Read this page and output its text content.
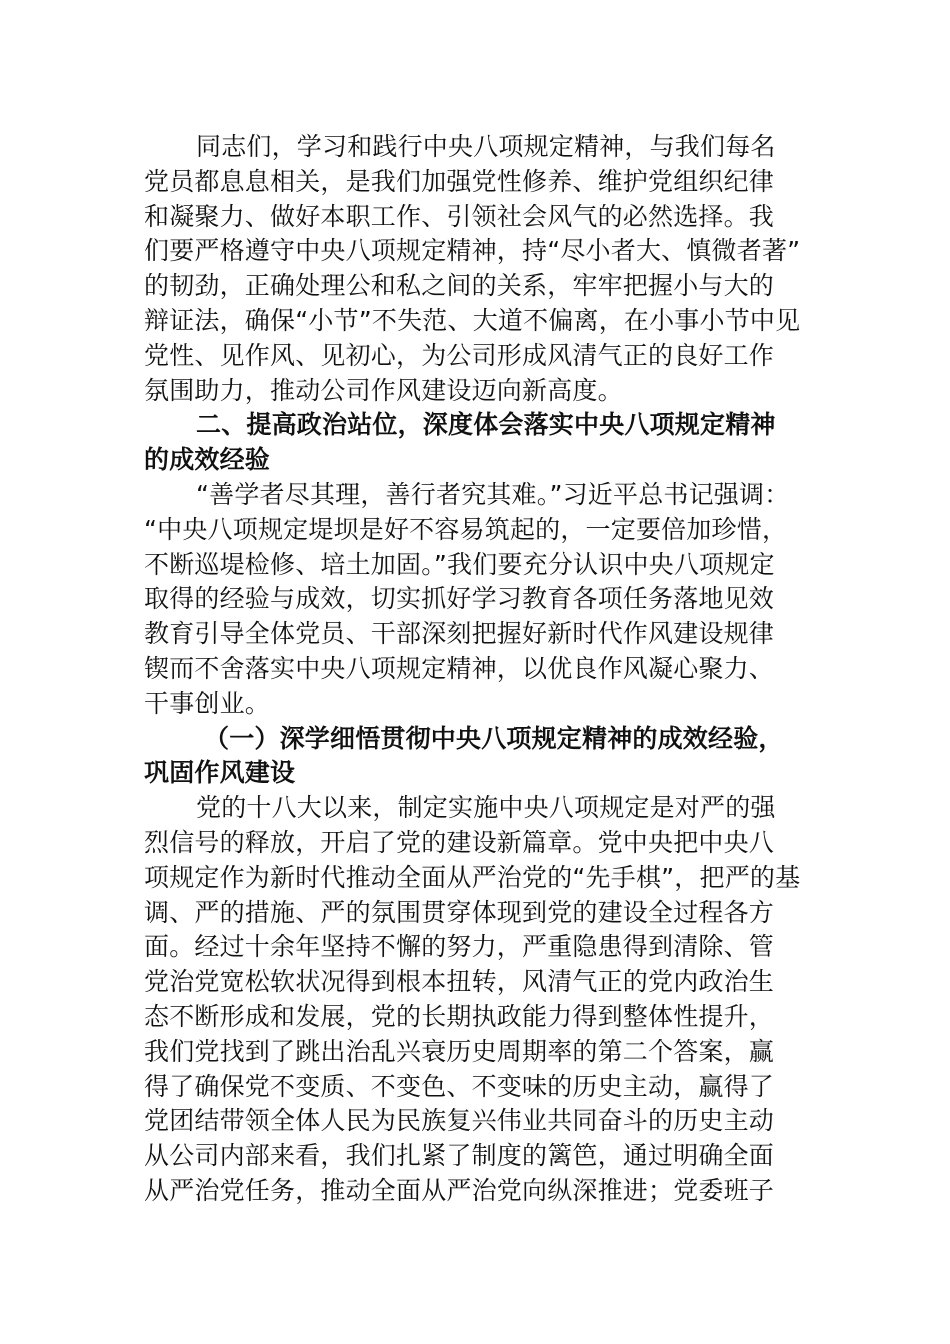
同志们，学习和践行中央八项规定精神，与我们每名
党员都息息相关，是我们加强党性修养、维护党组织纪律
和凝聚力、做好本职工作、引领社会风气的必然选择。我
们要严格遵守中央八项规定精神，持“尽小者大、慎微者著”
的韧劲，正确处理公和私之间的关系，牢牢把握小与大的
辩证法，确保“小节”不失范、大道不偏离，在小事小节中见
党性、见作风、见初心，为公司形成风清气正的良好工作
氛围助力，推动公司作风建设迈向新高度。
二、提高政治站位，深度体会落实中央八项规定精神
的成效经验
“善学者尽其理，善行者究其难。”习近平总书记强调：
“中央八项规定堤坝是好不容易筑起的，一定要倍加珍惜，
不断巡堤检修、培土加固。”我们要充分认识中央八项规定
取得的经验与成效，切实抓好学习教育各项任务落地见效
教育引导全体党员、干部深刻把握好新时代作风建设规律
锲而不舍落实中央八项规定精神，以优良作风凝心聚力、
干事创业。
（一）深学细悟贯彻中央八项规定精神的成效经验，
巩固作风建设
党的十八大以来，制定实施中央八项规定是对严的强
烈信号的释放，开启了党的建设新篇章。党中央把中央八
项规定作为新时代推动全面从严治党的“先手棋”，把严的基
调、严的措施、严的氛围贯穿体现到党的建设全过程各方
面。经过十余年坚持不懈的努力，严重隐患得到清除、管
党治党宽松软状况得到根本扭转，风清气正的党内政治生
态不断形成和发展，党的长期执政能力得到整体性提升，
我们党找到了跳出治乱兴衰历史周期率的第二个答案，赢
得了确保党不变质、不变色、不变味的历史主动，赢得了
党团结带领全体人民为民族复兴伟业共同奋斗的历史主动
从公司内部来看，我们扎紧了制度的篱笆，通过明确全面
从严治党任务，推动全面从严治党向纵深推进；党委班子
